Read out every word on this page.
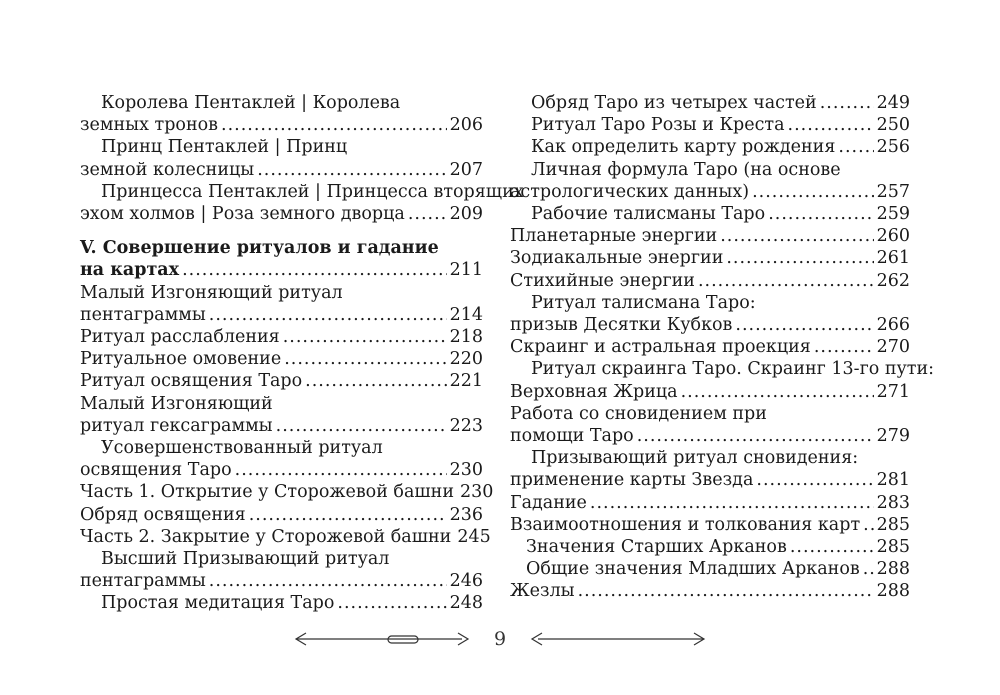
Королева Пентаклей | Королева
земных тронов .....	206
Принц Пентаклей | Принц
земной колесницы .....	207
Принцесса Пентаклей | Принцесса вторящих
эхом холмов | Роза земного дворца .....	209
V. Совершение ритуалов и гадание
на картах .....	211
Малый Изгоняющий ритуал
пентаграммы .....	214
Ритуал расслабления .....	218
Ритуальное омовение .....	220
Ритуал освящения Таро .....	221
Малый Изгоняющий
ритуал гексаграммы .....	223
Усовершенствованный ритуал
освящения Таро .....	230
Часть 1. Открытие у Сторожевой башни 230
Обряд освящения .....	236
Часть 2. Закрытие у Сторожевой башни 245
Высший Призывающий ритуал
пентаграммы .....	246
Простая медитация Таро .....	248
Обряд Таро из четырех частей .....	249
Ритуал Таро Розы и Креста .....	250
Как определить карту рождения ..... 256
Личная формула Таро (на основе
астрологических данных) .....	257
Рабочие талисманы Таро .....	259
Планетарные энергии .....	260
Зодиакальные энергии .....	261
Стихийные энергии .....	262
Ритуал талисмана Таро:
призыв Десятки Кубков .....	266
Скраинг и астральная проекция .....	270
Ритуал скраинга Таро. Скраинг 13-го пути:
Верховная Жрица .....	271
Работа со сновидением при
помощи Таро .....	279
Призывающий ритуал сновидения:
применение карты Звезда .....	281
Гадание .....	283
Взаимоотношения и толкования карт ..... 285
Значения Старших Арканов .....	285
Общие значения Младших Арканов ..... 288
Жезлы .....	288
9
